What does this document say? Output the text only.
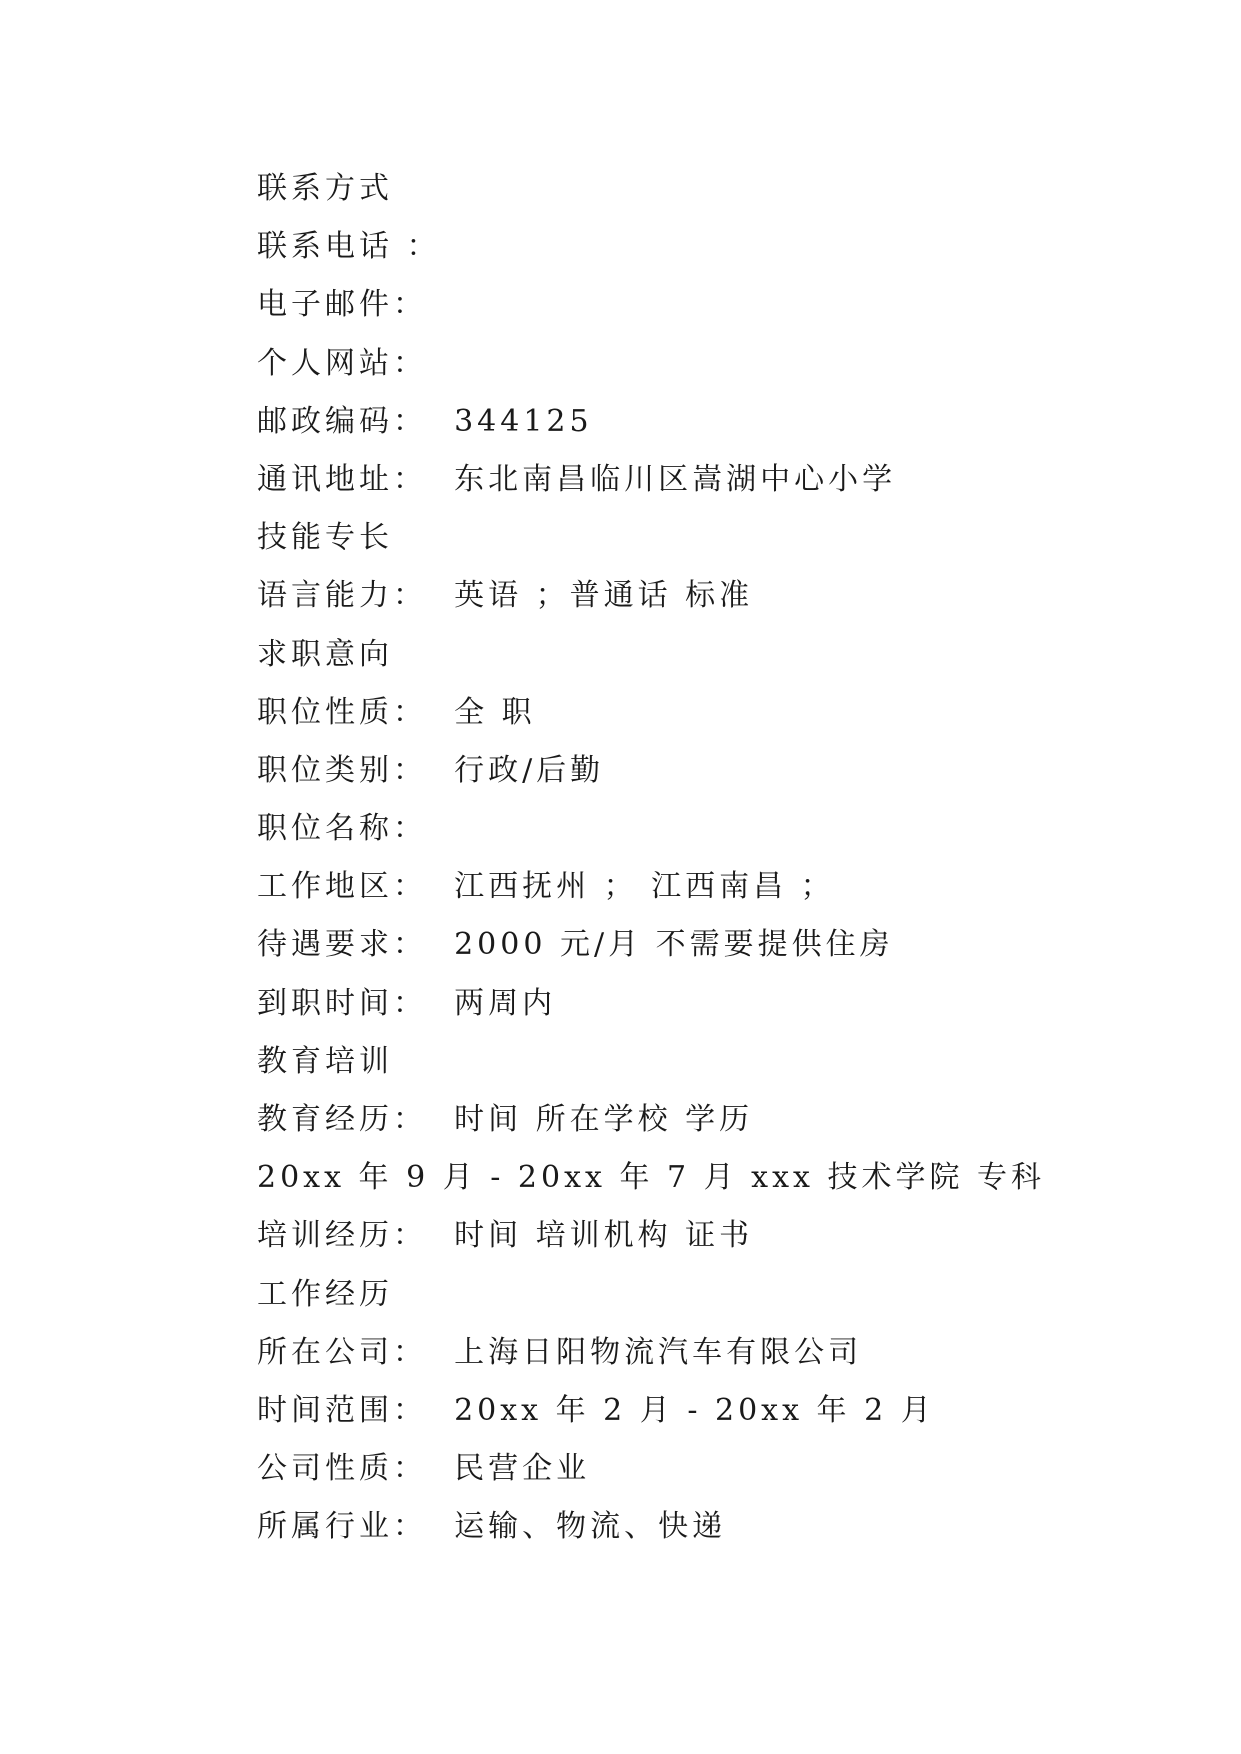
联系方式
联系电话 ：
电子邮件：
个人网站：
邮政编码：  344125
通讯地址：  东北南昌临川区嵩湖中心小学
技能专长
语言能力：  英语 ；普通话 标准
求职意向
职位性质：  全 职
职位类别：  行政/后勤
职位名称：
工作地区：  江西抚州 ； 江西南昌 ；
待遇要求：  2000 元/月 不需要提供住房
到职时间：  两周内
教育培训
教育经历：  时间 所在学校 学历
20xx 年 9 月 - 20xx 年 7 月 xxx 技术学院 专科
培训经历：  时间 培训机构 证书
工作经历
所在公司：  上海日阳物流汽车有限公司
时间范围：  20xx 年 2 月 - 20xx 年 2 月
公司性质：  民营企业
所属行业：  运输、物流、快递
